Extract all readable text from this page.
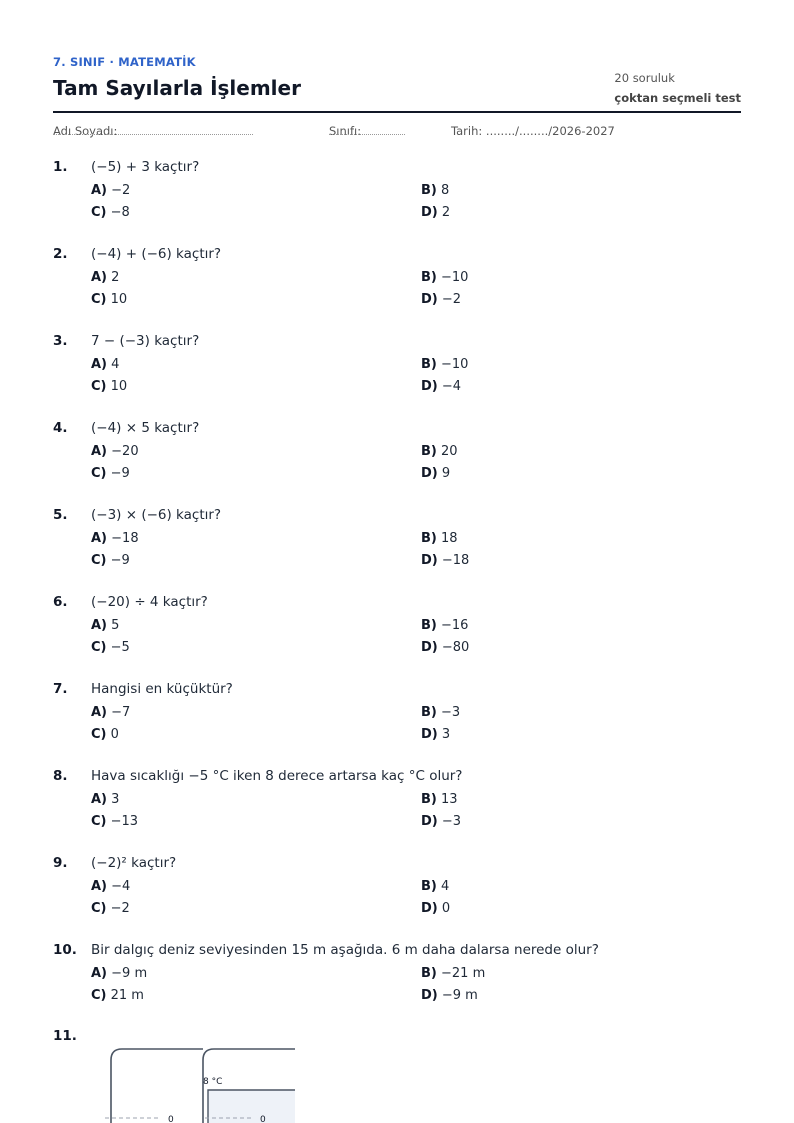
7. SINIF · MATEMATİK
Tam Sayılarla İşlemler	20 soruluk
çoktan seçmeli test
Adı Soyadı:	Sınıfı:	Tarih: ......../......../2026-2027
1. (−5) + 3 kaçtır?
A) −2	B) 8
C) −8	D) 2
2. (−4) + (−6) kaçtır?
A) 2	B) −10
C) 10	D) −2
3. 7 − (−3) kaçtır?
A) 4	B) −10
C) 10	D) −4
4. (−4) × 5 kaçtır?
A) −20	B) 20
C) −9	D) 9
5. (−3) × (−6) kaçtır?
A) −18	B) 18
C) −9	D) −18
6. (−20) ÷ 4 kaçtır?
A) 5	B) −16
C) −5	D) −80
7. Hangisi en küçüktür?
A) −7	B) −3
C) 0	D) 3
8. Hava sıcaklığı −5 °C iken 8 derece artarsa kaç °C olur?
A) 3	B) 13
C) −13	D) −3
9. (−2)² kaçtır?
A) −4	B) 4
C) −2	D) 0
10. Bir dalgıç deniz seviyesinden 15 m aşağıda. 6 m daha dalarsa nerede olur?
A) −9 m	B) −21 m
C) 21 m	D) −9 m
11.
0	0
8 °C
